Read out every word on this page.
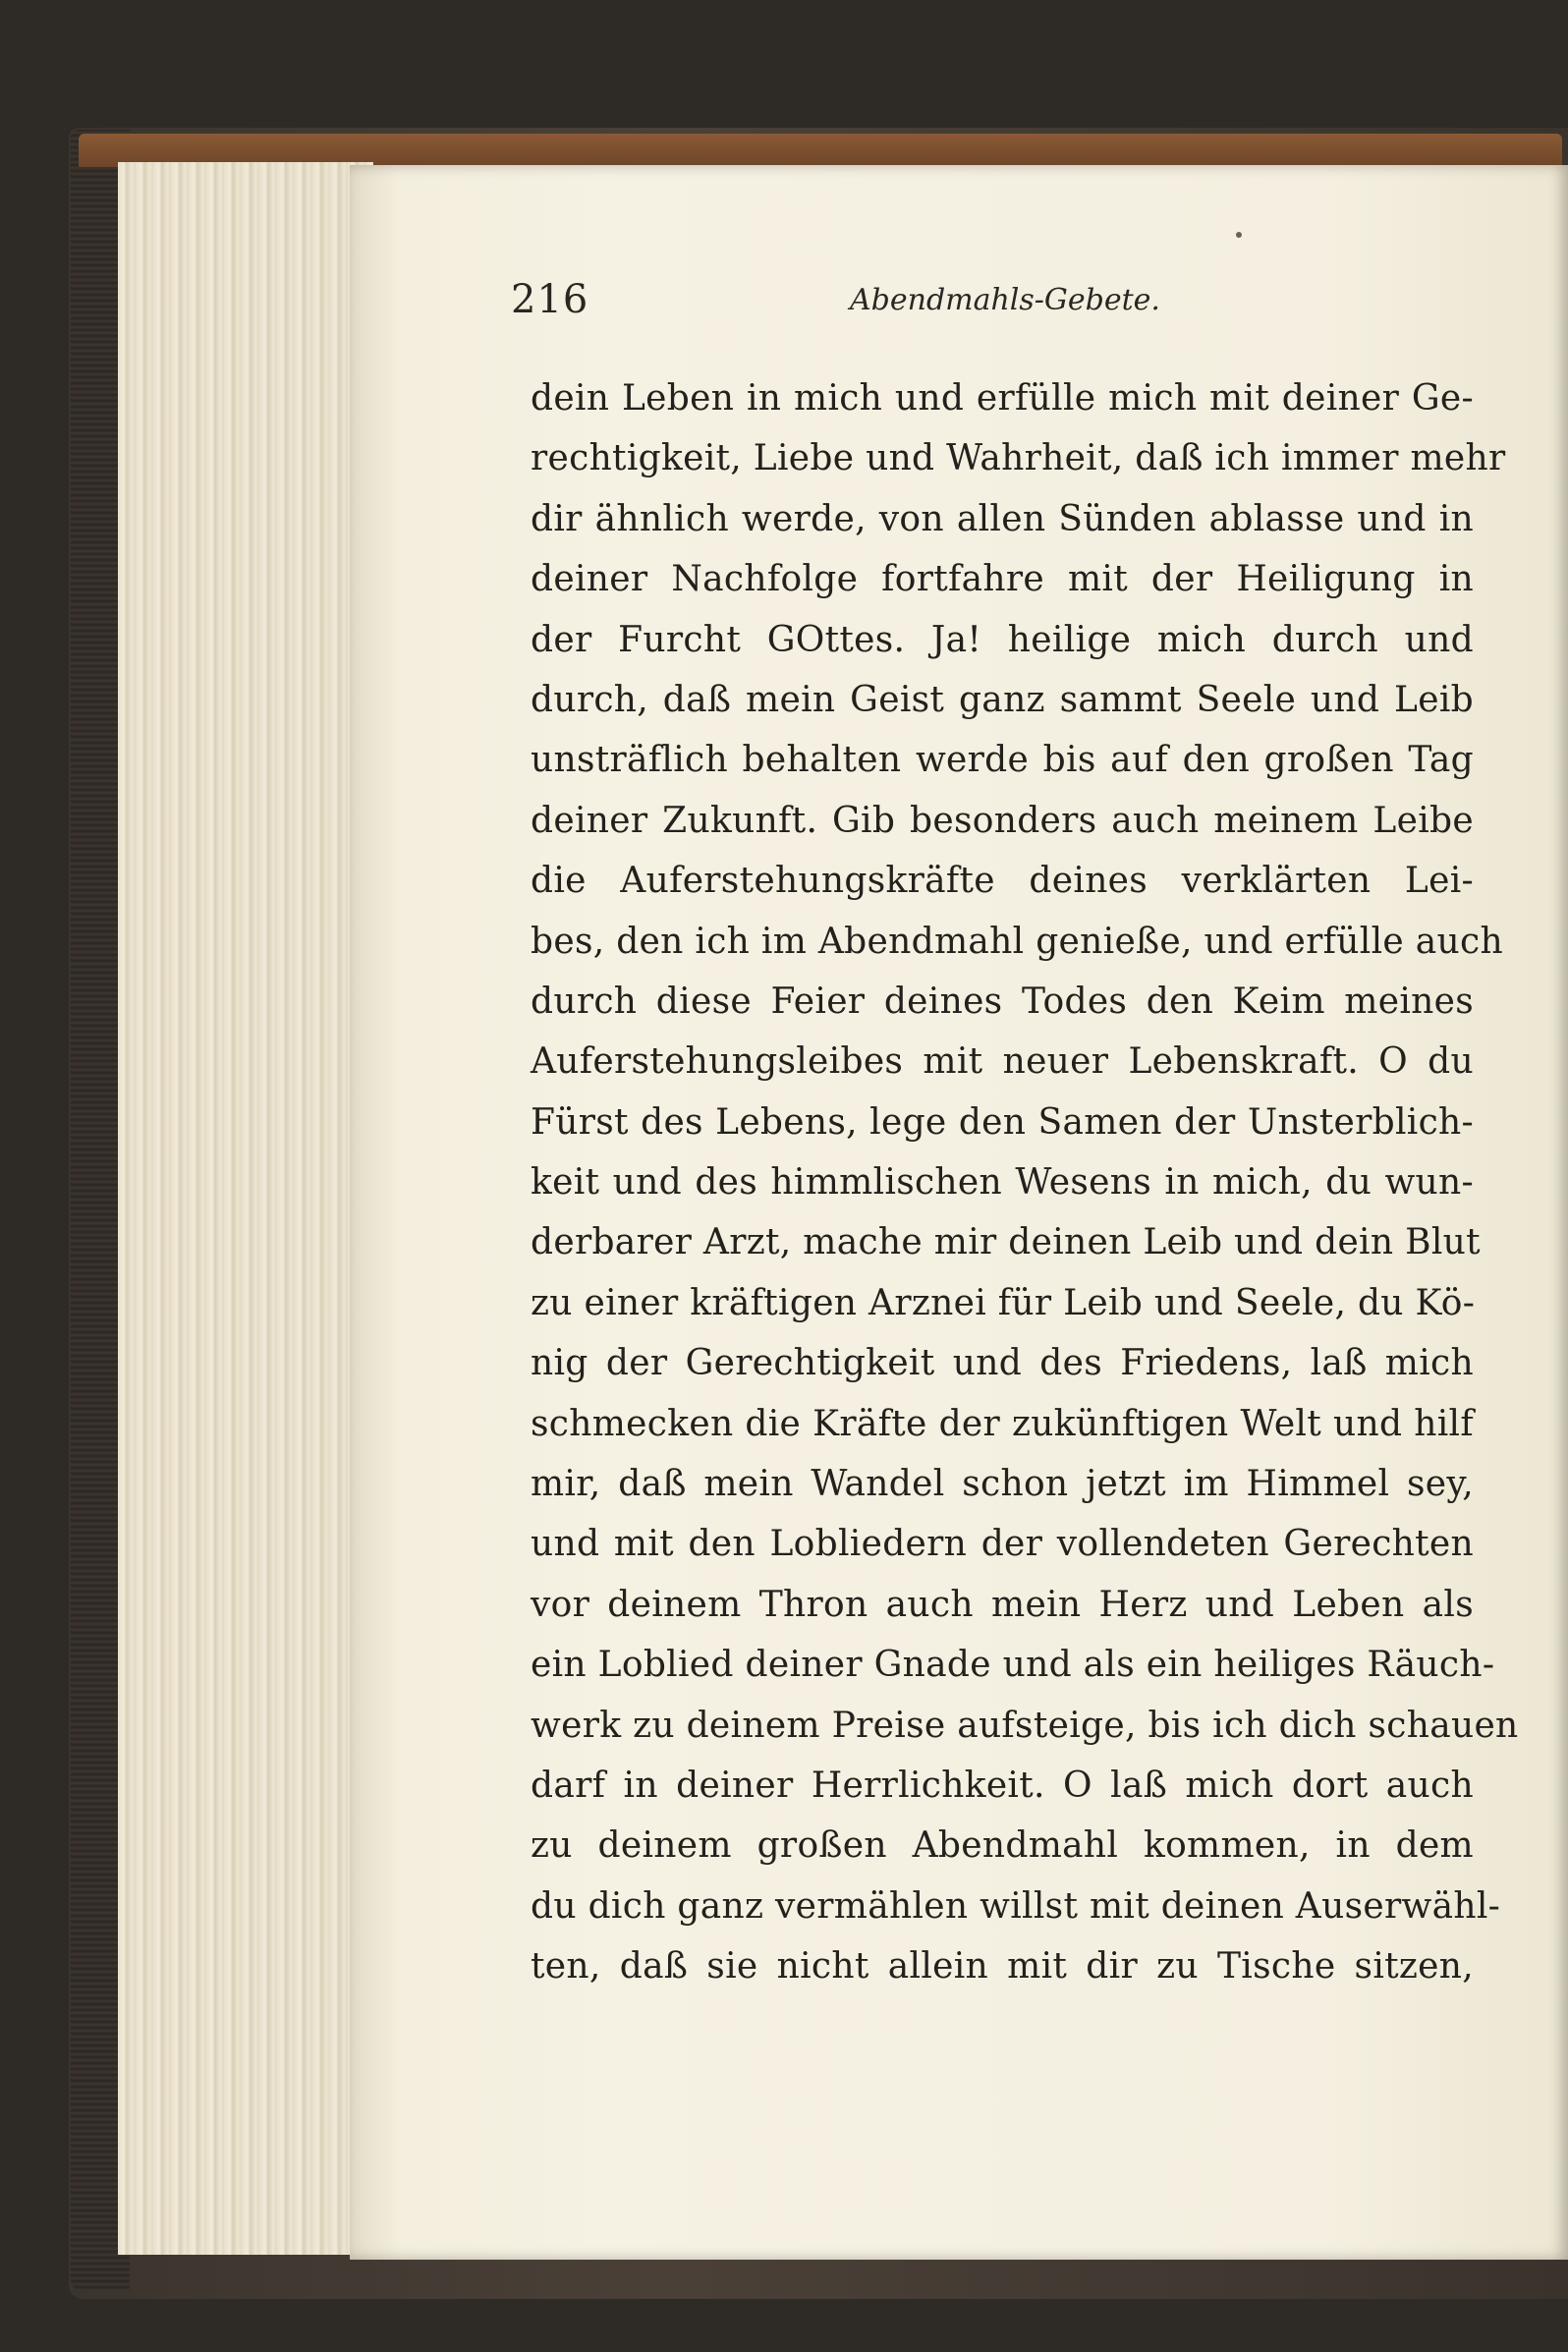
216	Abendmahls-Gebete.
dein Leben in mich und erfülle mich mit deiner Ge-
rechtigkeit, Liebe und Wahrheit, daß ich immer mehr
dir ähnlich werde, von allen Sünden ablasse und in
deiner Nachfolge fortfahre mit der Heiligung in
der Furcht GOttes. Ja! heilige mich durch und
durch, daß mein Geist ganz sammt Seele und Leib
unsträflich behalten werde bis auf den großen Tag
deiner Zukunft. Gib besonders auch meinem Leibe
die Auferstehungskräfte deines verklärten Lei-
bes, den ich im Abendmahl genieße, und erfülle auch
durch diese Feier deines Todes den Keim meines
Auferstehungsleibes mit neuer Lebenskraft. O du
Fürst des Lebens, lege den Samen der Unsterblich-
keit und des himmlischen Wesens in mich, du wun-
derbarer Arzt, mache mir deinen Leib und dein Blut
zu einer kräftigen Arznei für Leib und Seele, du Kö-
nig der Gerechtigkeit und des Friedens, laß mich
schmecken die Kräfte der zukünftigen Welt und hilf
mir, daß mein Wandel schon jetzt im Himmel sey,
und mit den Lobliedern der vollendeten Gerechten
vor deinem Thron auch mein Herz und Leben als
ein Loblied deiner Gnade und als ein heiliges Räuch-
werk zu deinem Preise aufsteige, bis ich dich schauen
darf in deiner Herrlichkeit. O laß mich dort auch
zu deinem großen Abendmahl kommen, in dem
du dich ganz vermählen willst mit deinen Auserwähl-
ten, daß sie nicht allein mit dir zu Tische sitzen,
